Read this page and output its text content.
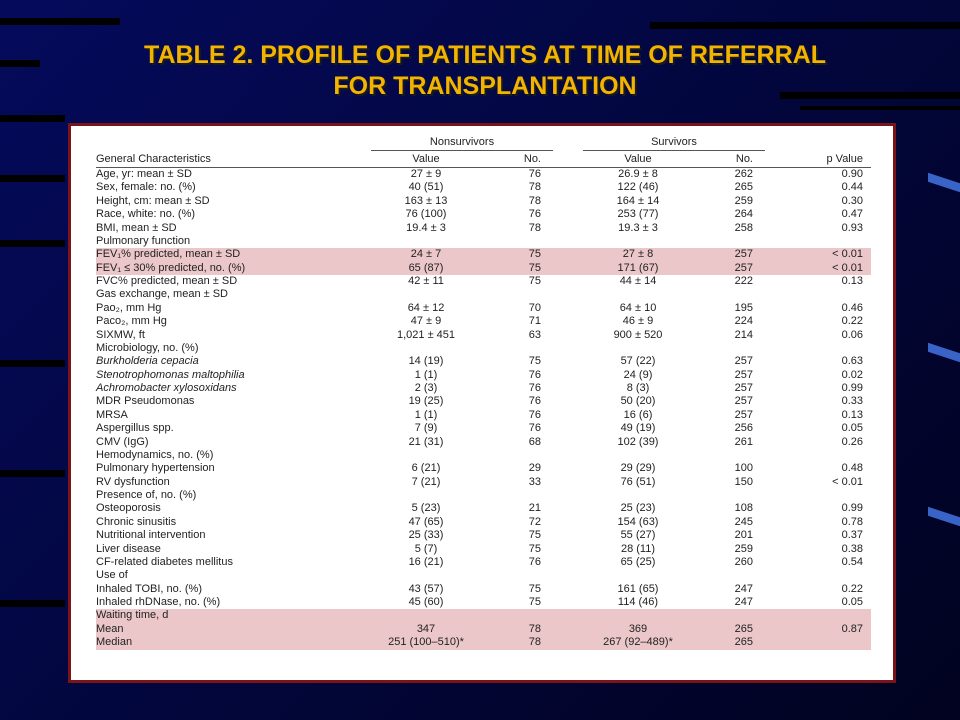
TABLE 2. PROFILE OF PATIENTS AT TIME OF REFERRAL
FOR TRANSPLANTATION
	Nonsurvivors			Survivors		
General Characteristics	Value	No.		Value	No.	p Value
Age, yr: mean ± SD	27 ± 9	76		26.9 ± 8	262	0.90
Sex, female: no. (%)	40 (51)	78		122 (46)	265	0.44
Height, cm: mean ± SD	163 ± 13	78		164 ± 14	259	0.30
Race, white: no. (%)	76 (100)	76		253 (77)	264	0.47
BMI, mean ± SD	19.4 ± 3	78		19.3 ± 3	258	0.93
Pulmonary function						
FEV₁% predicted, mean ± SD	24 ± 7	75		27 ± 8	257	< 0.01
FEV₁ ≤ 30% predicted, no. (%)	65 (87)	75		171 (67)	257	< 0.01
FVC% predicted, mean ± SD	42 ± 11	75		44 ± 14	222	0.13
Gas exchange, mean ± SD						
Pao₂, mm Hg	64 ± 12	70		64 ± 10	195	0.46
Paco₂, mm Hg	47 ± 9	71		46 ± 9	224	0.22
SIXMW, ft	1,021 ± 451	63		900 ± 520	214	0.06
Microbiology, no. (%)						
Burkholderia cepacia	14 (19)	75		57 (22)	257	0.63
Stenotrophomonas maltophilia	1 (1)	76		24 (9)	257	0.02
Achromobacter xylosoxidans	2 (3)	76		8 (3)	257	0.99
MDR Pseudomonas	19 (25)	76		50 (20)	257	0.33
MRSA	1 (1)	76		16 (6)	257	0.13
Aspergillus spp.	7 (9)	76		49 (19)	256	0.05
CMV (IgG)	21 (31)	68		102 (39)	261	0.26
Hemodynamics, no. (%)						
Pulmonary hypertension	6 (21)	29		29 (29)	100	0.48
RV dysfunction	7 (21)	33		76 (51)	150	< 0.01
Presence of, no. (%)						
Osteoporosis	5 (23)	21		25 (23)	108	0.99
Chronic sinusitis	47 (65)	72		154 (63)	245	0.78
Nutritional intervention	25 (33)	75		55 (27)	201	0.37
Liver disease	5 (7)	75		28 (11)	259	0.38
CF-related diabetes mellitus	16 (21)	76		65 (25)	260	0.54
Use of						
Inhaled TOBI, no. (%)	43 (57)	75		161 (65)	247	0.22
Inhaled rhDNase, no. (%)	45 (60)	75		114 (46)	247	0.05
Waiting time, d						
Mean	347	78		369	265	0.87
Median	251 (100–510)*	78		267 (92–489)*	265	
